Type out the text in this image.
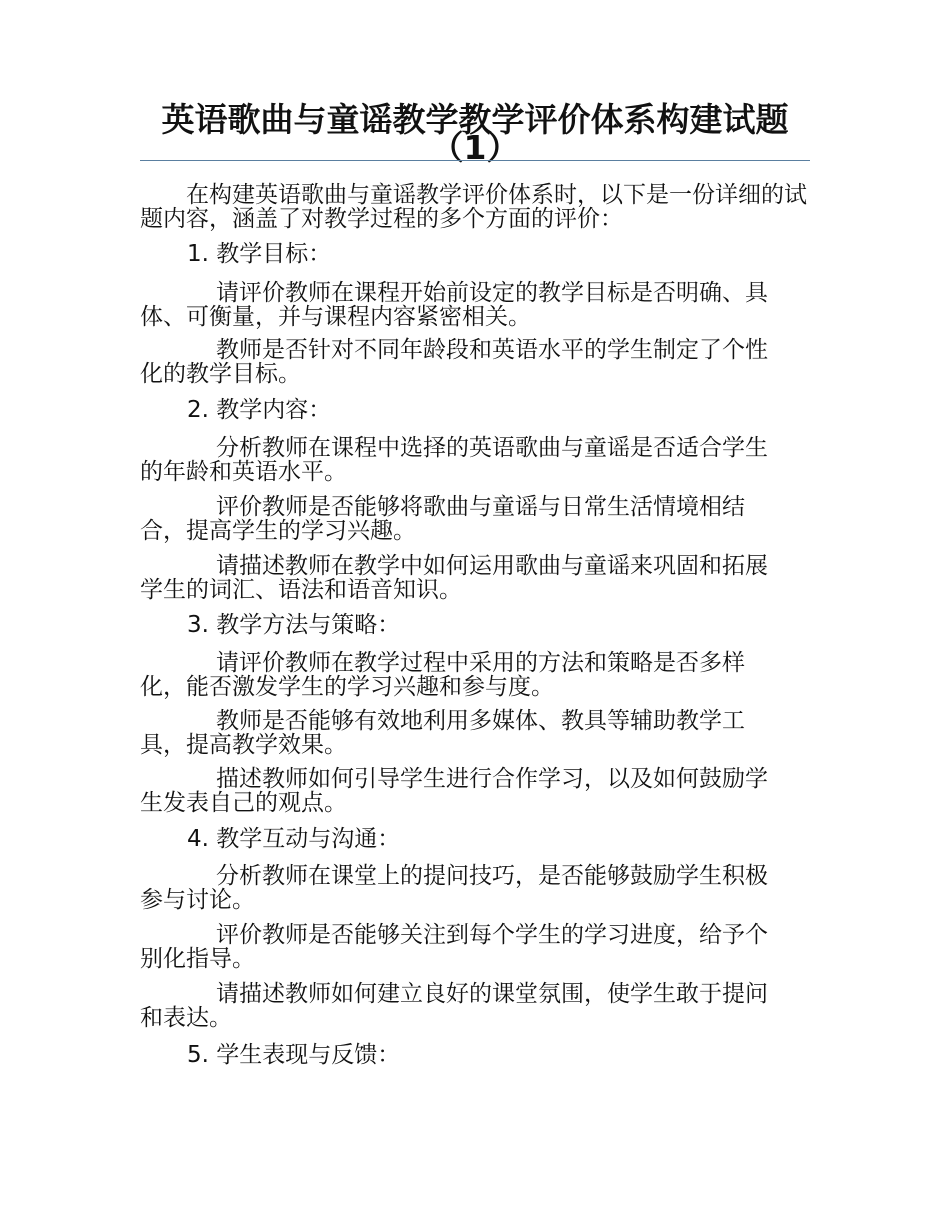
英语歌曲与童谣教学教学评价体系构建试题（1）

在构建英语歌曲与童谣教学评价体系时，以下是一份详细的试题内容，涵盖了对教学过程的多个方面的评价：

1. 教学目标：

请评价教师在课程开始前设定的教学目标是否明确、具体、可衡量，并与课程内容紧密相关。

教师是否针对不同年龄段和英语水平的学生制定了个性化的教学目标。

2. 教学内容：

分析教师在课程中选择的英语歌曲与童谣是否适合学生的年龄和英语水平。

评价教师是否能够将歌曲与童谣与日常生活情境相结合，提高学生的学习兴趣。

请描述教师在教学中如何运用歌曲与童谣来巩固和拓展学生的词汇、语法和语音知识。

3. 教学方法与策略：

请评价教师在教学过程中采用的方法和策略是否多样化，能否激发学生的学习兴趣和参与度。

教师是否能够有效地利用多媒体、教具等辅助教学工具，提高教学效果。

描述教师如何引导学生进行合作学习，以及如何鼓励学生发表自己的观点。

4. 教学互动与沟通：

分析教师在课堂上的提问技巧，是否能够鼓励学生积极参与讨论。

评价教师是否能够关注到每个学生的学习进度，给予个别化指导。

请描述教师如何建立良好的课堂氛围，使学生敢于提问和表达。

5. 学生表现与反馈：
